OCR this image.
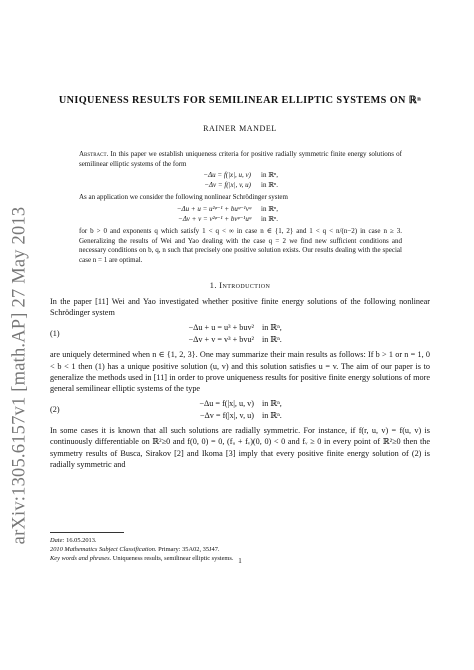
arXiv:1305.6157v1 [math.AP] 27 May 2013
UNIQUENESS RESULTS FOR SEMILINEAR ELLIPTIC SYSTEMS ON ℝⁿ
RAINER MANDEL

Abstract. In this paper we establish uniqueness criteria for positive radially symmetric finite energy solutions of semilinear elliptic systems of the form

−Δu = f(|x|, u, v) in ℝⁿ,
−Δv = f(|x|, v, u) in ℝⁿ.

As an application we consider the following nonlinear Schrödinger system

−Δu + u = u²ᵠ⁻¹ + buᵠ⁻¹vᵠ in ℝⁿ,
−Δv + v = v²ᵠ⁻¹ + bvᵠ⁻¹uᵠ in ℝⁿ.

for b > 0 and exponents q which satisfy 1 < q < ∞ in case n ∈ {1, 2} and 1 < q < n/(n−2) in case n ≥ 3. Generalizing the results of Wei and Yao dealing with the case q = 2 we find new sufficient conditions and necessary conditions on b, q, n such that precisely one positive solution exists. Our results dealing with the special case n = 1 are optimal.

1. Introduction

In the paper [11] Wei and Yao investigated whether positive finite energy solutions of the following nonlinear Schrödinger system

(1)
−Δu + u = u³ + buv² in ℝⁿ,
−Δv + v = v³ + bvu² in ℝⁿ.

are uniquely determined when n ∈ {1, 2, 3}. One may summarize their main results as follows: If b > 1 or n = 1, 0 < b < 1 then (1) has a unique positive solution (u, v) and this solution satisfies u = v. The aim of our paper is to generalize the methods used in [11] in order to prove uniqueness results for positive finite energy solutions of more general semilinear elliptic systems of the type

(2)
−Δu = f(|x|, u, v) in ℝⁿ,
−Δv = f(|x|, v, u) in ℝⁿ.

In some cases it is known that all such solutions are radially symmetric. For instance, if f(r, u, v) = f(u, v) is continuously differentiable on ℝ²≥0 and f(0, 0) = 0, (fᵤ + fᵥ)(0, 0) < 0 and fᵥ ≥ 0 in every point of ℝ²≥0 then the symmetry results of Busca, Sirakov [2] and Ikoma [3] imply that every positive finite energy solution of (2) is radially symmetric and

Date: 16.05.2013.

2010 Mathematics Subject Classification. Primary: 35A02, 35J47.

Key words and phrases. Uniqueness results, semilinear elliptic systems. 1
